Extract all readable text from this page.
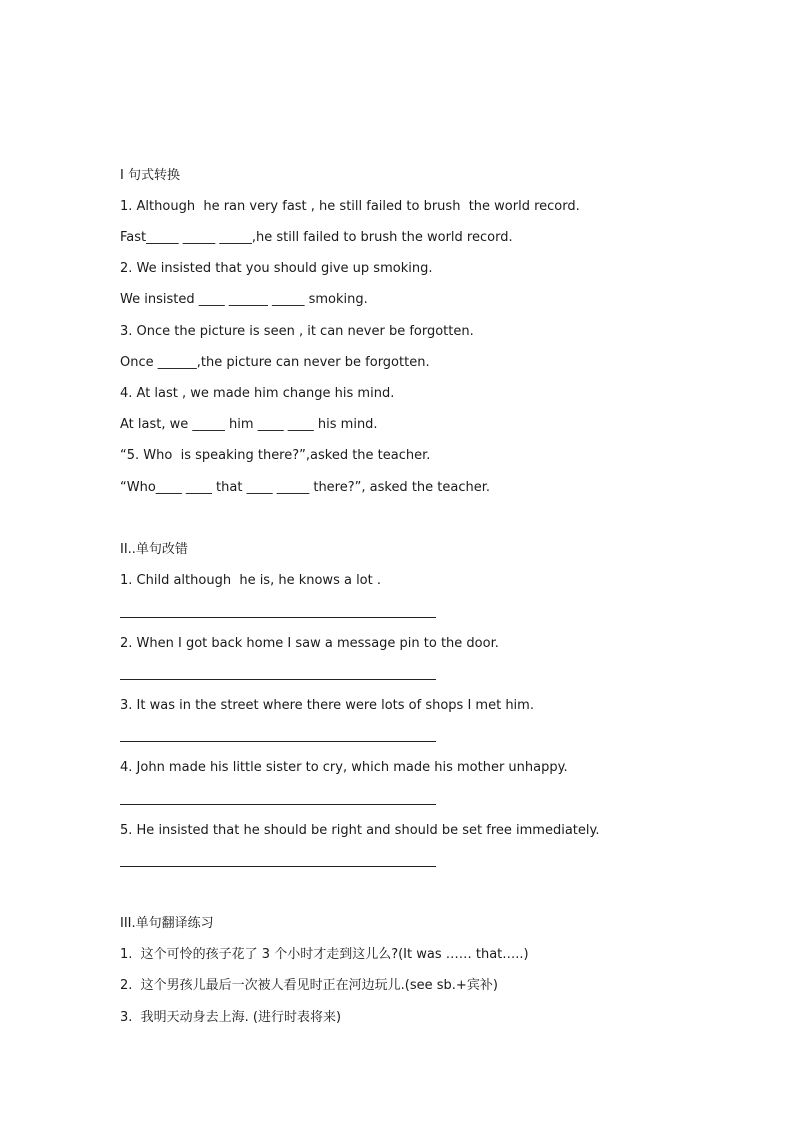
I 句式转换
1. Although  he ran very fast , he still failed to brush  the world record.
Fast_____ _____ _____,he still failed to brush the world record.
2. We insisted that you should give up smoking.
We insisted ____ ______ _____ smoking.
3. Once the picture is seen , it can never be forgotten.
Once ______,the picture can never be forgotten.
4. At last , we made him change his mind.
At last, we _____ him ____ ____ his mind.
“5. Who  is speaking there?”,asked the teacher.
“Who____ ____ that ____ _____ there?”, asked the teacher.
II..单句改错
1. Child although  he is, he knows a lot .
2. When I got back home I saw a message pin to the door.
3. It was in the street where there were lots of shops I met him.
4. John made his little sister to cry, which made his mother unhappy.
5. He insisted that he should be right and should be set free immediately.
III.单句翻译练习
1.  这个可怜的孩子花了 3 个小时才走到这儿么?(It was …… that…..)
2.  这个男孩儿最后一次被人看见时正在河边玩儿.(see sb.+宾补)
3.  我明天动身去上海. (进行时表将来)
